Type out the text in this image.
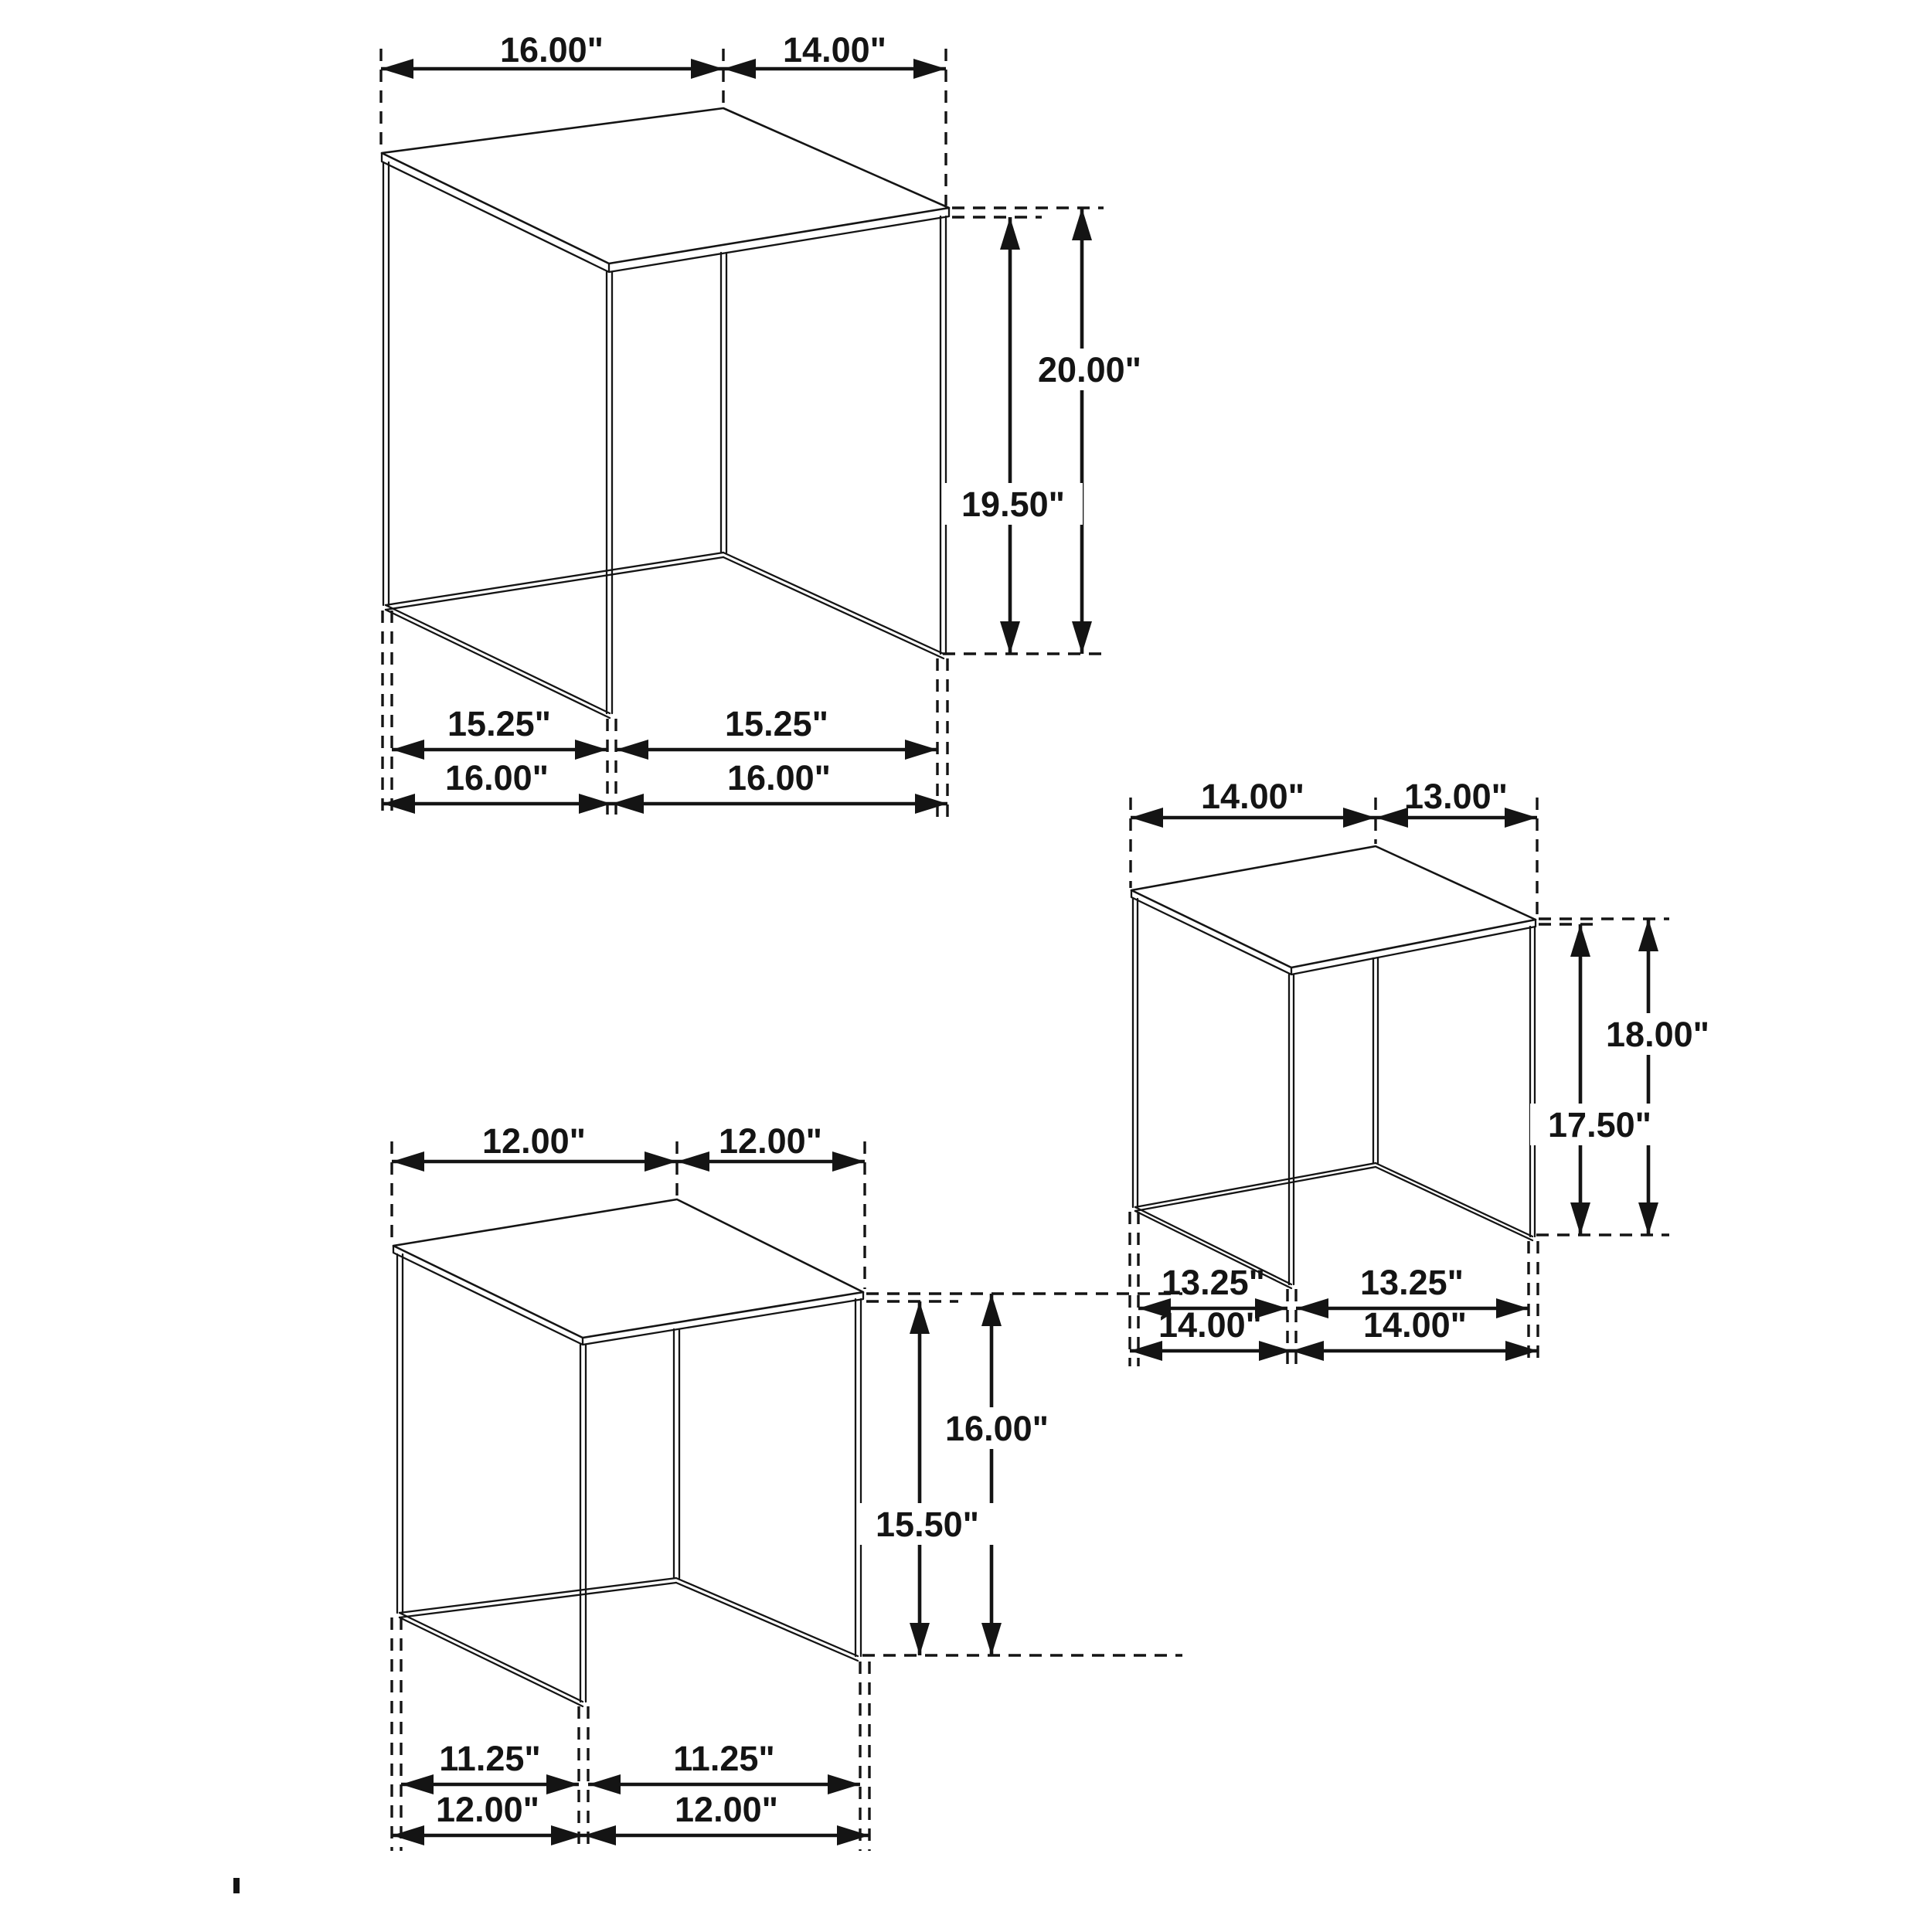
16.00"	14.00"
20.00"
19.50"
15.25"	15.25"
16.00"	16.00"	14.00"	13.00"
18.00"
17.50"
13.25"	13.25"
14.00"	14.00"
12.00"	12.00"
16.00"
15.50"
11.25"	11.25"
12.00"	12.00"
